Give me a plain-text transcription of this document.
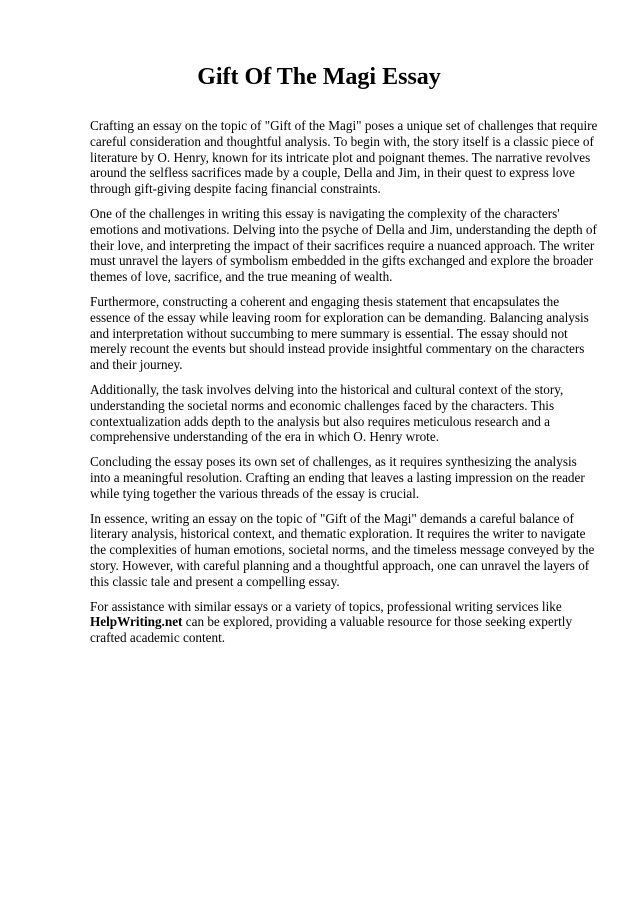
Gift Of The Magi Essay

Crafting an essay on the topic of "Gift of the Magi" poses a unique set of challenges that require careful consideration and thoughtful analysis. To begin with, the story itself is a classic piece of literature by O. Henry, known for its intricate plot and poignant themes. The narrative revolves around the selfless sacrifices made by a couple, Della and Jim, in their quest to express love through gift-giving despite facing financial constraints.

One of the challenges in writing this essay is navigating the complexity of the characters' emotions and motivations. Delving into the psyche of Della and Jim, understanding the depth of their love, and interpreting the impact of their sacrifices require a nuanced approach. The writer must unravel the layers of symbolism embedded in the gifts exchanged and explore the broader themes of love, sacrifice, and the true meaning of wealth.

Furthermore, constructing a coherent and engaging thesis statement that encapsulates the essence of the essay while leaving room for exploration can be demanding. Balancing analysis and interpretation without succumbing to mere summary is essential. The essay should not merely recount the events but should instead provide insightful commentary on the characters and their journey.

Additionally, the task involves delving into the historical and cultural context of the story, understanding the societal norms and economic challenges faced by the characters. This contextualization adds depth to the analysis but also requires meticulous research and a comprehensive understanding of the era in which O. Henry wrote.

Concluding the essay poses its own set of challenges, as it requires synthesizing the analysis into a meaningful resolution. Crafting an ending that leaves a lasting impression on the reader while tying together the various threads of the essay is crucial.

In essence, writing an essay on the topic of "Gift of the Magi" demands a careful balance of literary analysis, historical context, and thematic exploration. It requires the writer to navigate the complexities of human emotions, societal norms, and the timeless message conveyed by the story. However, with careful planning and a thoughtful approach, one can unravel the layers of this classic tale and present a compelling essay.

For assistance with similar essays or a variety of topics, professional writing services like
HelpWriting.net can be explored, providing a valuable resource for those seeking expertly crafted academic content.
